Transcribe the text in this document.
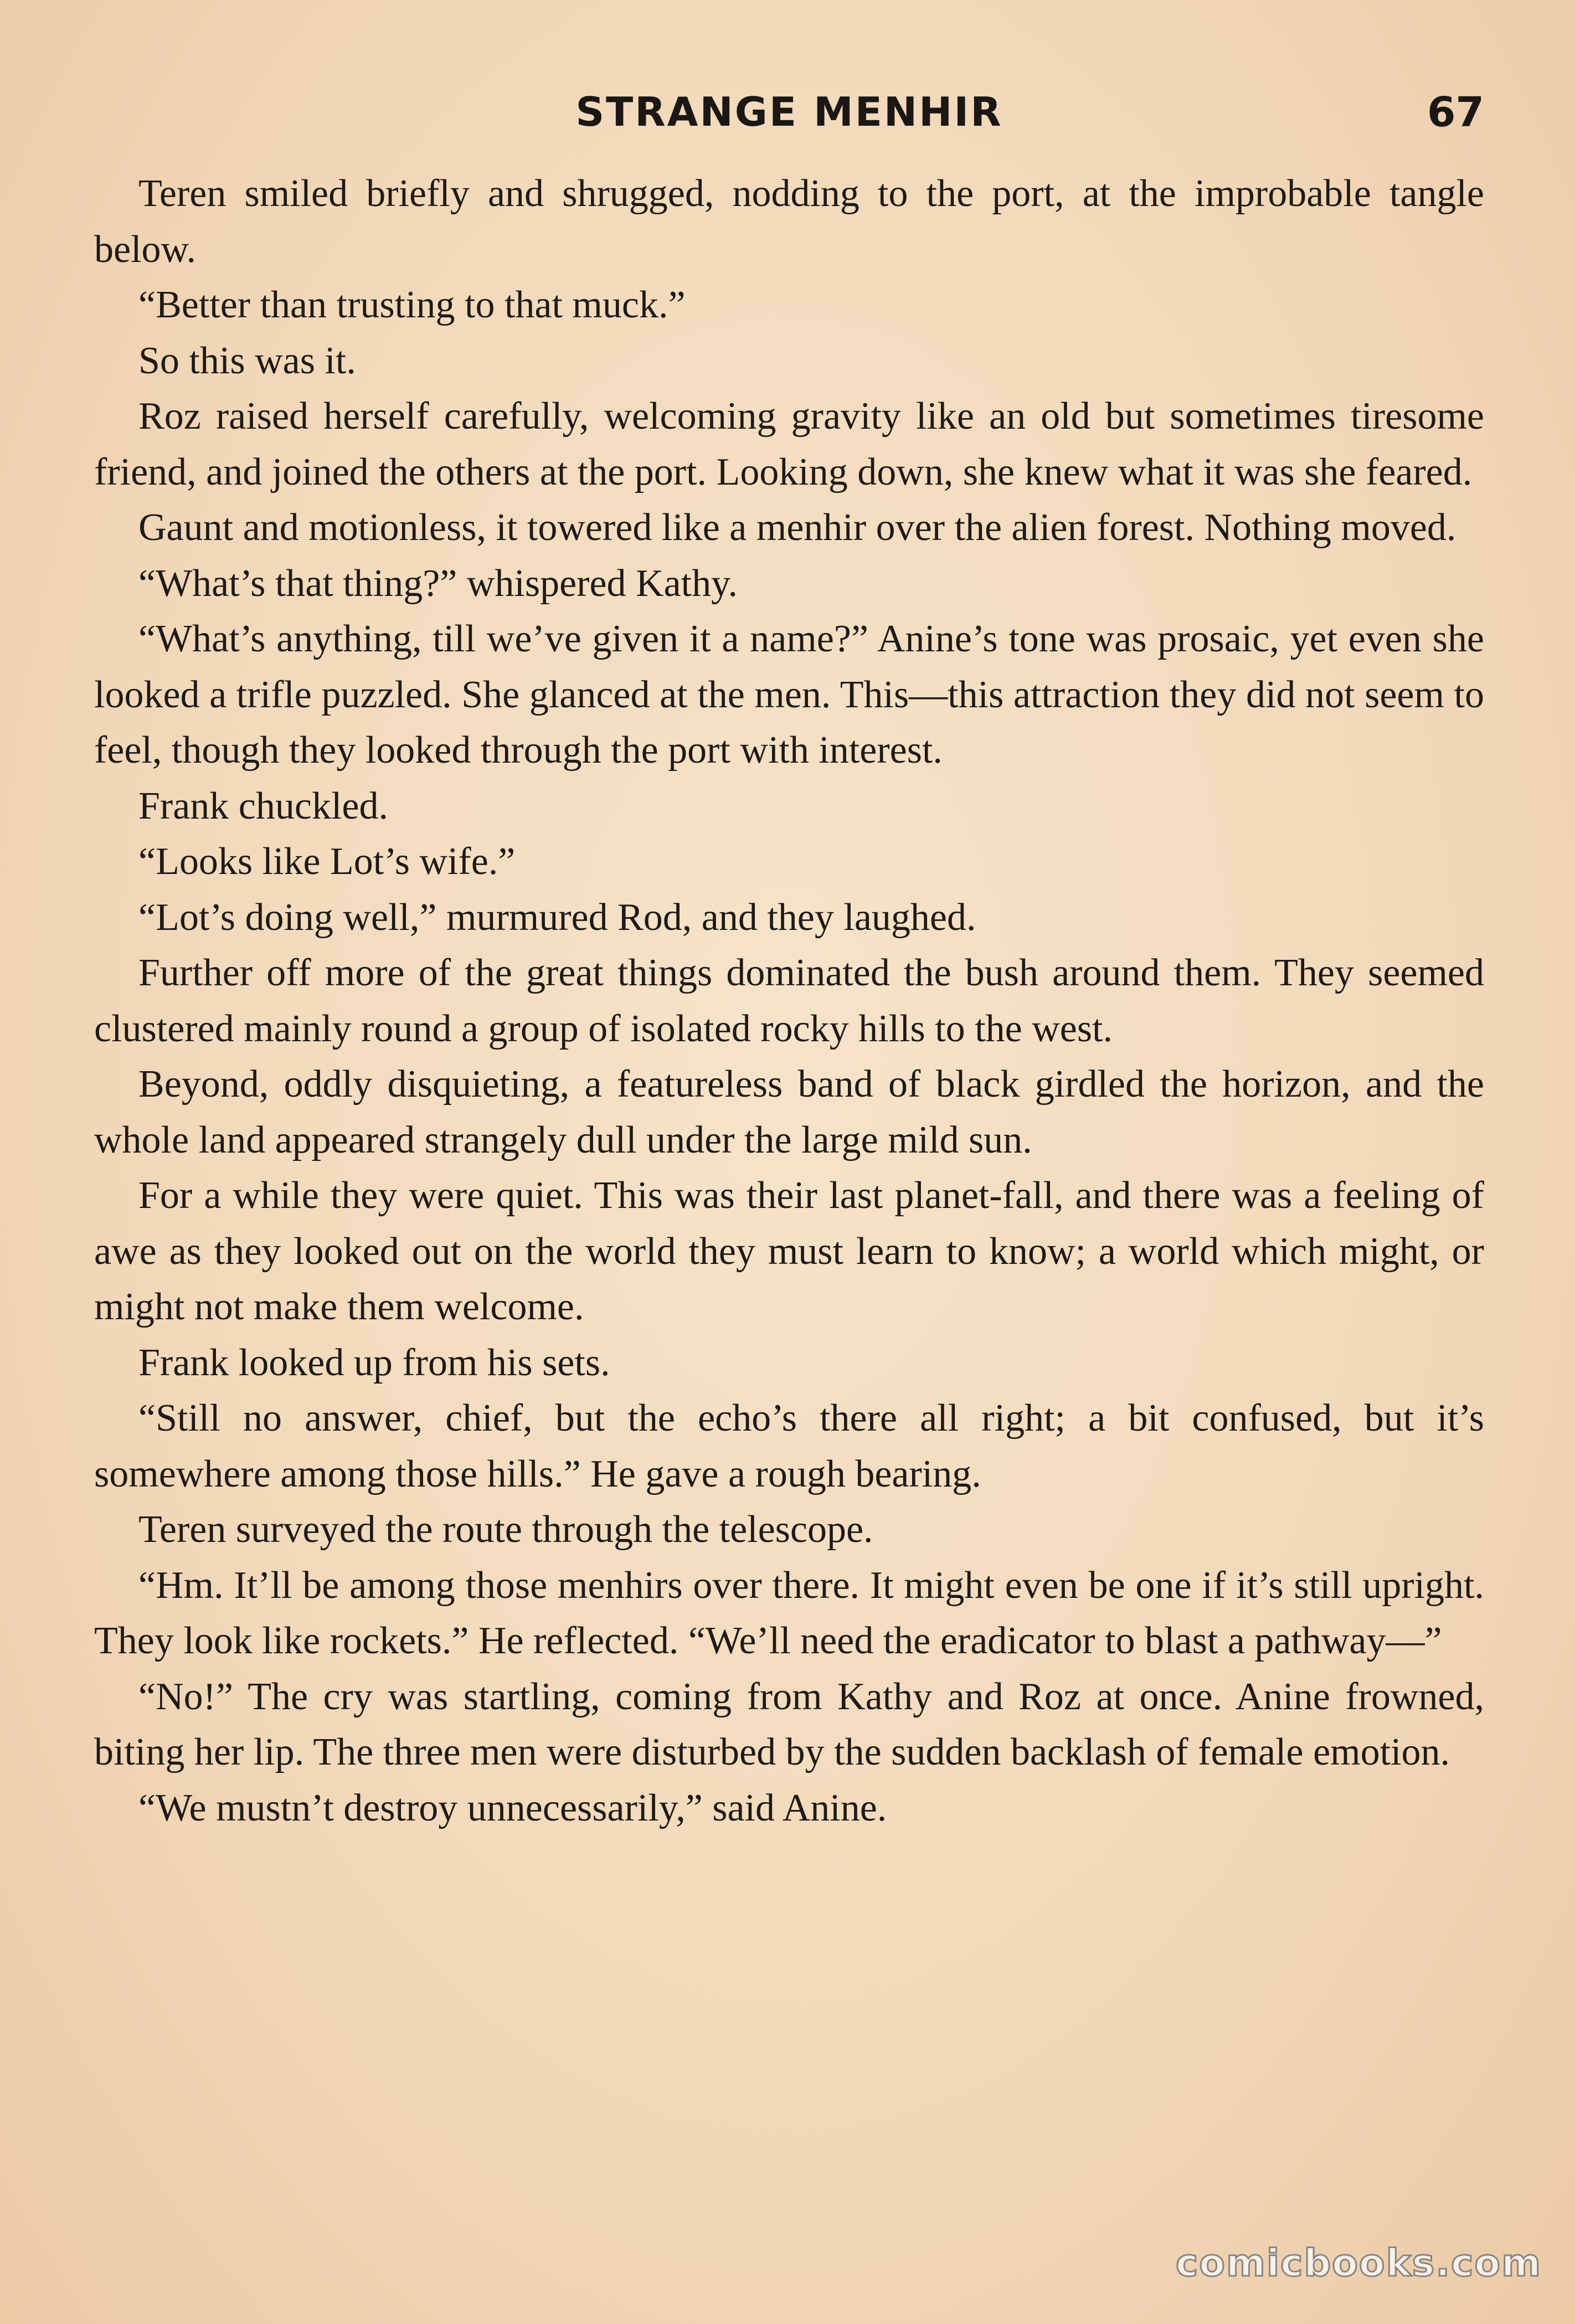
STRANGE MENHIR	67

Teren smiled briefly and shrugged, nodding to the port, at the improbable tangle below.

“Better than trusting to that muck.”

So this was it.

Roz raised herself carefully, welcoming gravity like an old but sometimes tiresome friend, and joined the others at the port. Looking down, she knew what it was she feared.

Gaunt and motionless, it towered like a menhir over the alien forest. Nothing moved.

“What’s that thing?” whispered Kathy.

“What’s anything, till we’ve given it a name?” Anine’s tone was prosaic, yet even she looked a trifle puzzled. She glanced at the men. This—this attraction they did not seem to feel, though they looked through the port with interest.

Frank chuckled.

“Looks like Lot’s wife.”

“Lot’s doing well,” murmured Rod, and they laughed.

Further off more of the great things dominated the bush around them. They seemed clustered mainly round a group of isolated rocky hills to the west.

Beyond, oddly disquieting, a featureless band of black girdled the horizon, and the whole land appeared strangely dull under the large mild sun.

For a while they were quiet. This was their last planet-fall, and there was a feeling of awe as they looked out on the world they must learn to know; a world which might, or might not make them welcome.

Frank looked up from his sets.

“Still no answer, chief, but the echo’s there all right; a bit confused, but it’s somewhere among those hills.” He gave a rough bearing.

Teren surveyed the route through the telescope.

“Hm. It’ll be among those menhirs over there. It might even be one if it’s still upright. They look like rockets.” He reflected. “We’ll need the eradicator to blast a pathway—”

“No!” The cry was startling, coming from Kathy and Roz at once. Anine frowned, biting her lip. The three men were disturbed by the sudden backlash of female emotion.

“We mustn’t destroy unnecessarily,” said Anine.

comicbooks.com
